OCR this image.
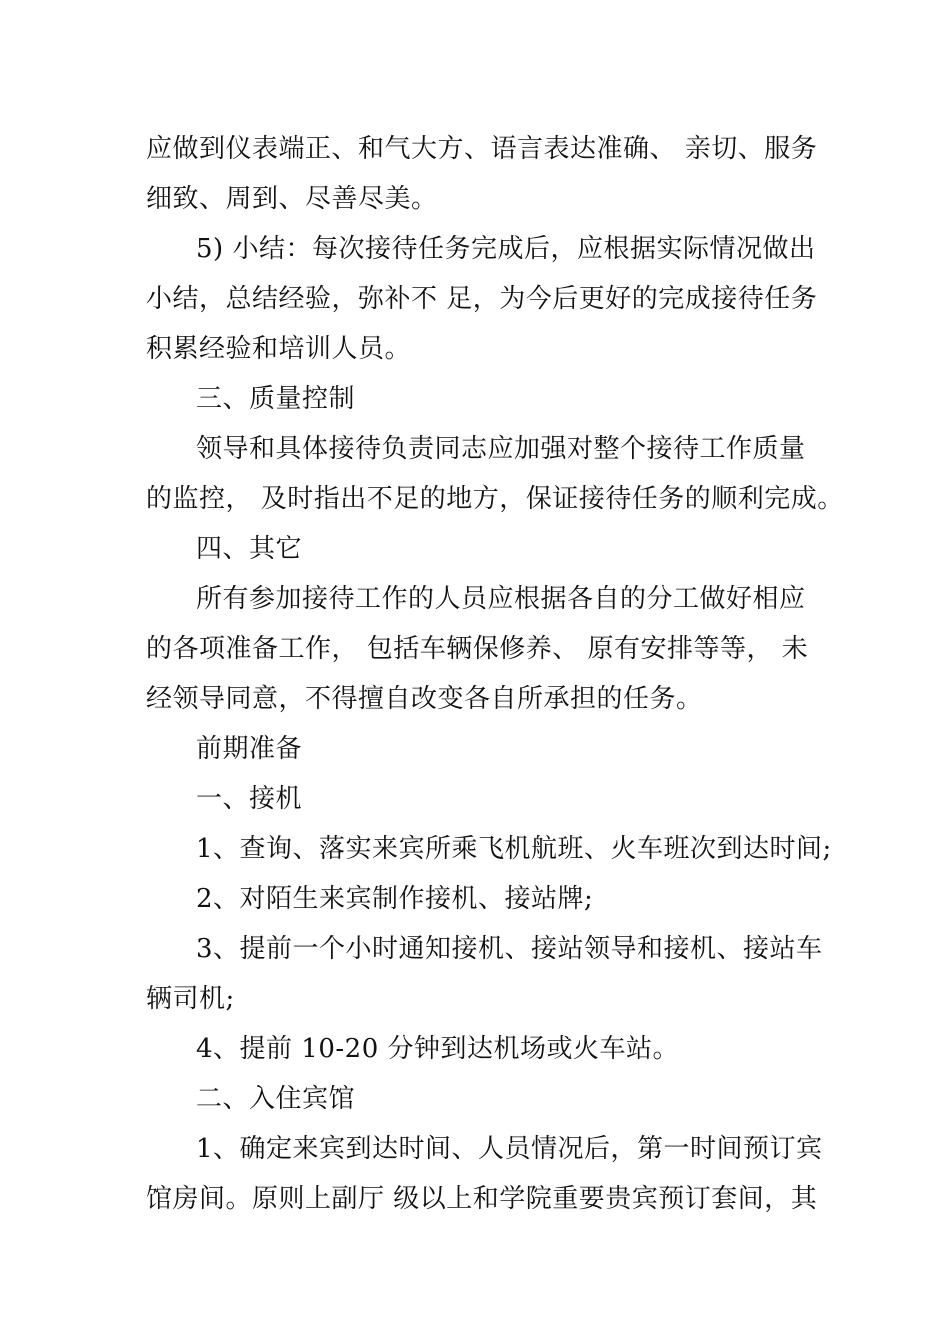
应做到仪表端正、和气大方、语言表达准确、 亲切、服务
细致、周到、尽善尽美。
5) 小结：每次接待任务完成后，应根据实际情况做出
小结，总结经验，弥补不 足，为今后更好的完成接待任务
积累经验和培训人员。
三、质量控制
领导和具体接待负责同志应加强对整个接待工作质量
的监控， 及时指出不足的地方，保证接待任务的顺利完成。
四、其它
所有参加接待工作的人员应根据各自的分工做好相应
的各项准备工作， 包括车辆保修养、 原有安排等等， 未
经领导同意，不得擅自改变各自所承担的任务。
前期准备
一、接机
1、查询、落实来宾所乘飞机航班、火车班次到达时间;
2、对陌生来宾制作接机、接站牌;
3、提前一个小时通知接机、接站领导和接机、接站车
辆司机;
4、提前 10-20 分钟到达机场或火车站。
二、入住宾馆
1、确定来宾到达时间、人员情况后，第一时间预订宾
馆房间。原则上副厅 级以上和学院重要贵宾预订套间，其
